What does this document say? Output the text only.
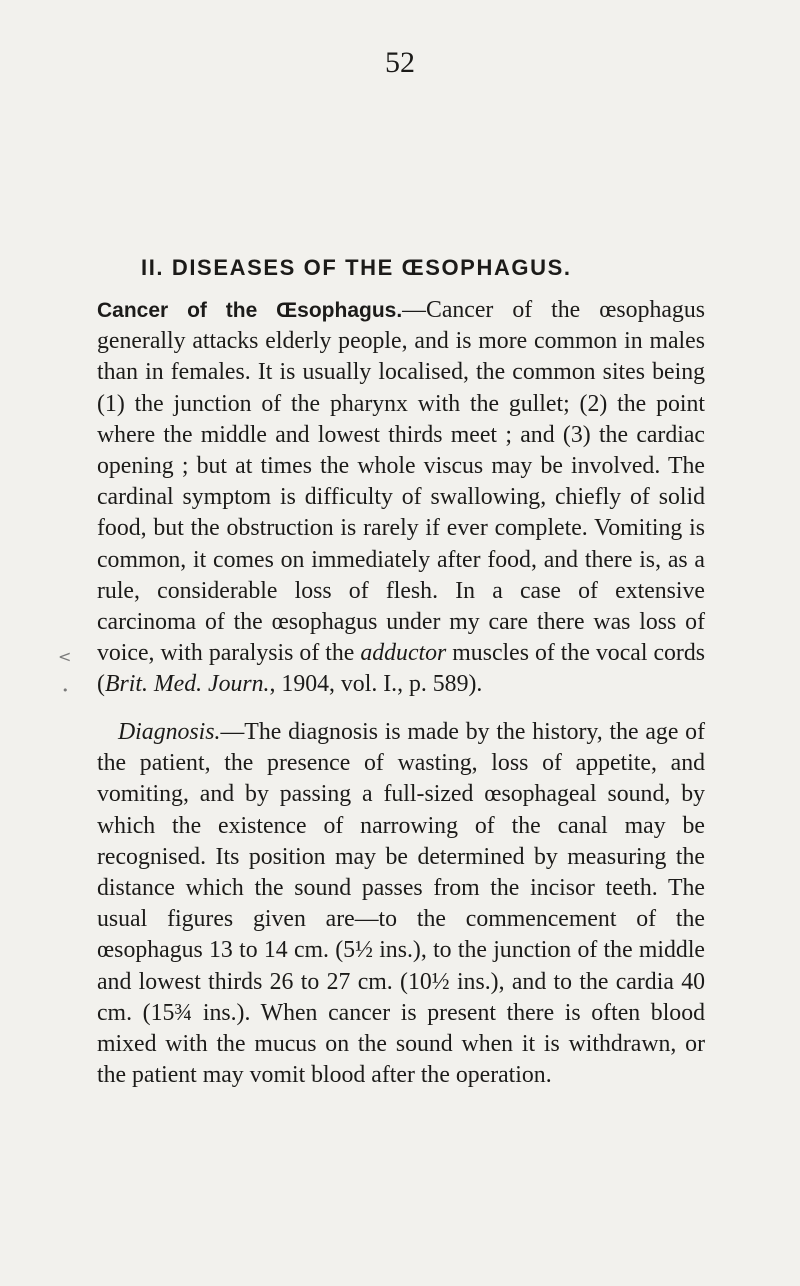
52
II. DISEASES OF THE ŒSOPHAGUS.
Cancer of the Œsophagus.—Cancer of the œsophagus generally attacks elderly people, and is more common in males than in females. It is usually localised, the common sites being (1) the junction of the pharynx with the gullet; (2) the point where the middle and lowest thirds meet ; and (3) the cardiac opening ; but at times the whole viscus may be involved. The cardinal symptom is difficulty of swallowing, chiefly of solid food, but the obstruction is rarely if ever complete. Vomiting is common, it comes on immediately after food, and there is, as a rule, considerable loss of flesh. In a case of extensive carcinoma of the œsophagus under my care there was loss of voice, with paralysis of the adductor muscles of the vocal cords (Brit. Med. Journ., 1904, vol. I., p. 589).
Diagnosis.—The diagnosis is made by the history, the age of the patient, the presence of wasting, loss of appetite, and vomiting, and by passing a full-sized œsophageal sound, by which the existence of narrowing of the canal may be recognised. Its position may be determined by measuring the distance which the sound passes from the incisor teeth. The usual figures given are—to the commencement of the œsophagus 13 to 14 cm. (5½ ins.), to the junction of the middle and lowest thirds 26 to 27 cm. (10½ ins.), and to the cardia 40 cm. (15¾ ins.). When cancer is present there is often blood mixed with the mucus on the sound when it is withdrawn, or the patient may vomit blood after the operation.
<
•
